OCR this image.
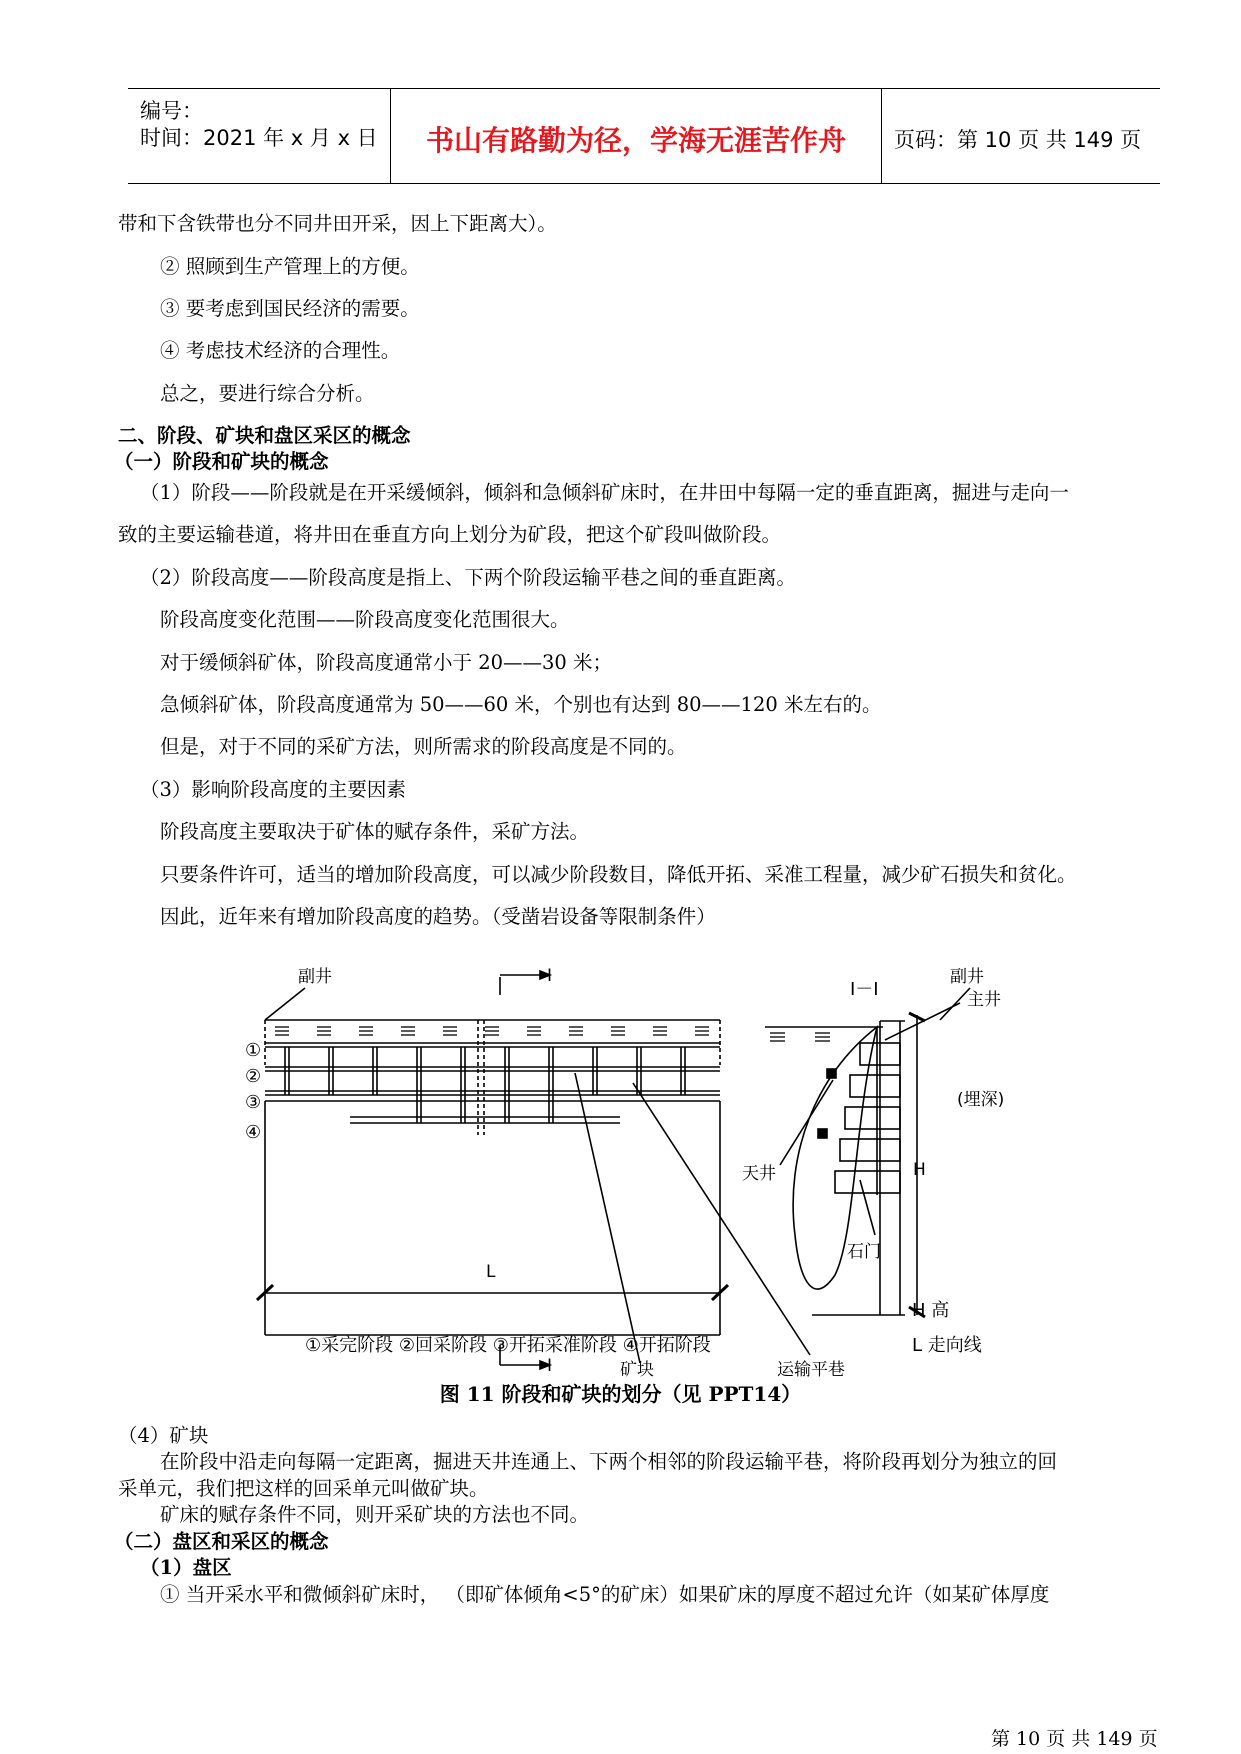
编号：
时间：2021 年 x 月 x 日	书山有路勤为径，学海无涯苦作舟	页码：第 10 页 共 149 页
带和下含铁带也分不同井田开采，因上下距离大）。
② 照顾到生产管理上的方便。
③ 要考虑到国民经济的需要。
④ 考虑技术经济的合理性。
总之，要进行综合分析。
二、阶段、矿块和盘区采区的概念
（一）阶段和矿块的概念
（1）阶段——阶段就是在开采缓倾斜，倾斜和急倾斜矿床时，在井田中每隔一定的垂直距离，掘进与走向一
致的主要运输巷道，将井田在垂直方向上划分为矿段，把这个矿段叫做阶段。
（2）阶段高度——阶段高度是指上、下两个阶段运输平巷之间的垂直距离。
阶段高度变化范围——阶段高度变化范围很大。
对于缓倾斜矿体，阶段高度通常小于 20——30 米；
急倾斜矿体，阶段高度通常为 50——60 米，个别也有达到 80——120 米左右的。
但是，对于不同的采矿方法，则所需求的阶段高度是不同的。
（3）影响阶段高度的主要因素
阶段高度主要取决于矿体的赋存条件，采矿方法。
只要条件许可，适当的增加阶段高度，可以减少阶段数目，降低开拓、采准工程量，减少矿石损失和贫化。
因此，近年来有增加阶段高度的趋势。（受凿岩设备等限制条件）
副井	副井
I
L
①
②
③
④
I
I－I	主井
天井
石门
H
(埋深)
矿块	运输平巷
①采完阶段 ②回采阶段 ③开拓采准阶段 ④开拓阶段
H 高
L 走向线
图 11 阶段和矿块的划分（见 PPT14）
（4）矿块
在阶段中沿走向每隔一定距离，掘进天井连通上、下两个相邻的阶段运输平巷，将阶段再划分为独立的回
采单元，我们把这样的回采单元叫做矿块。
矿床的赋存条件不同，则开采矿块的方法也不同。
（二）盘区和采区的概念
（1）盘区
① 当开采水平和微倾斜矿床时， （即矿体倾角<5°的矿床）如果矿床的厚度不超过允许（如某矿体厚度
第 10 页 共 149 页
